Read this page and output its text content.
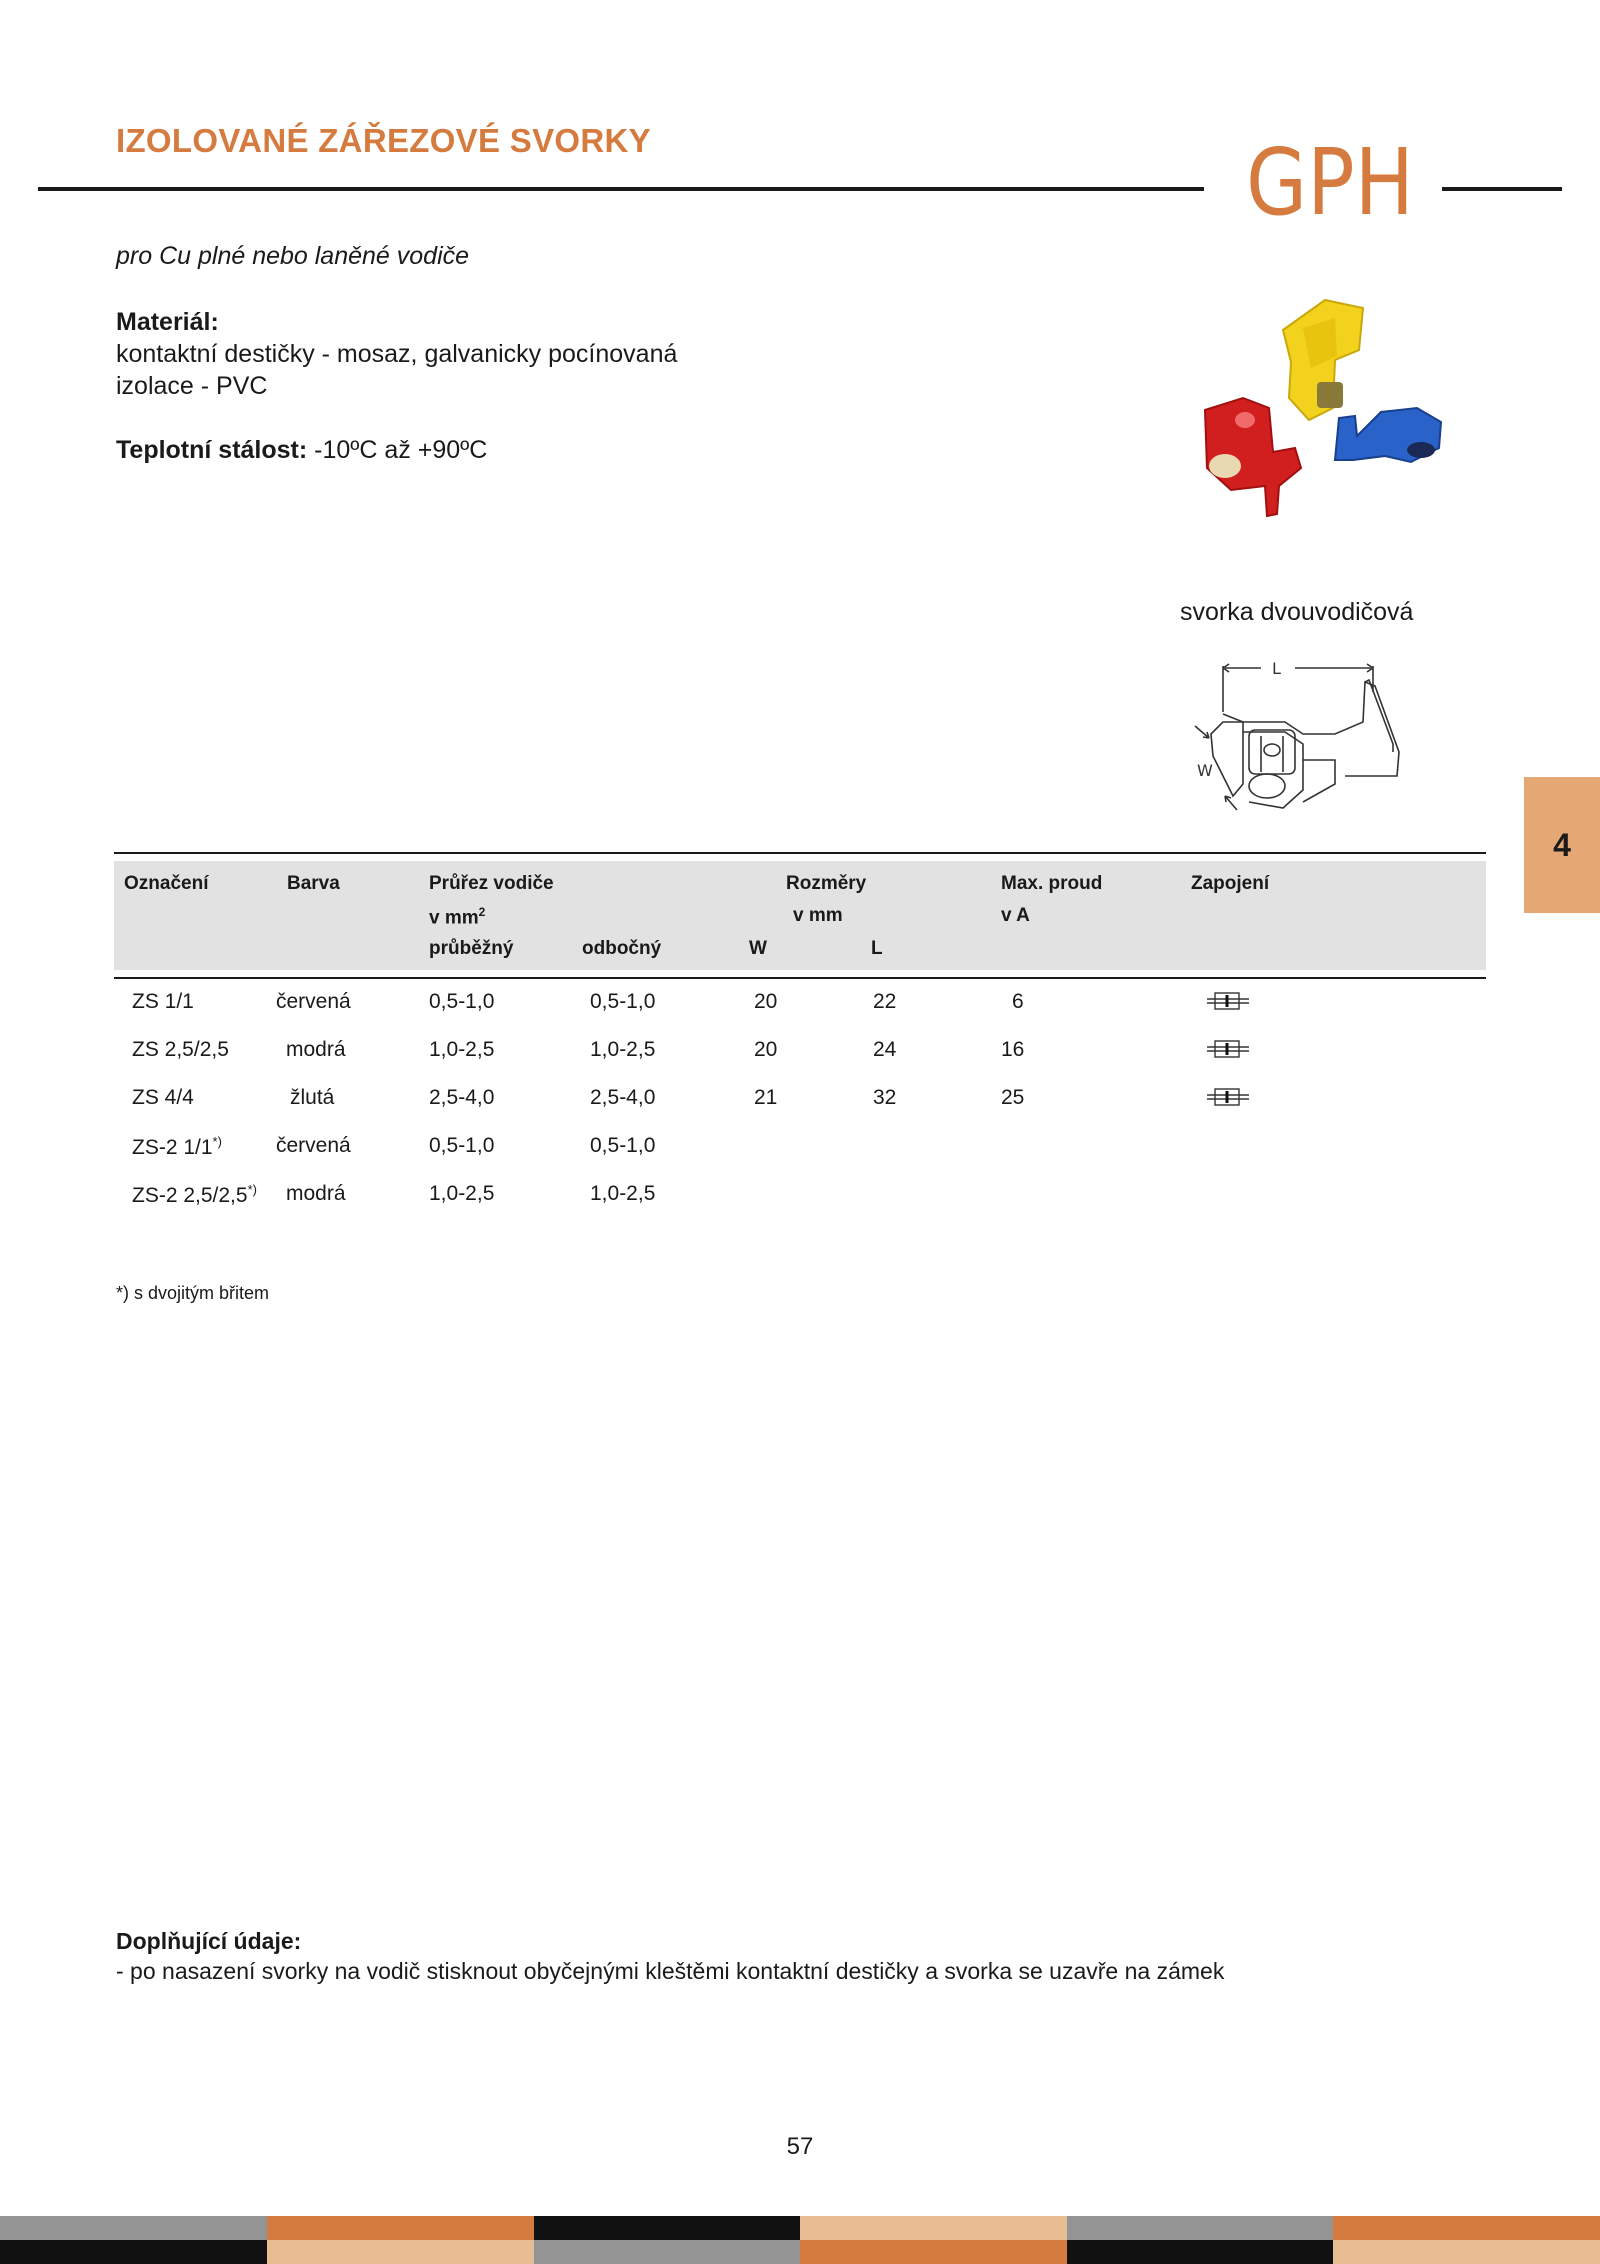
IZOLOVANÉ ZÁŘEZOVÉ SVORKY	GPH
pro Cu plné nebo laněné vodiče
Materiál:
kontaktní destičky - mosaz, galvanicky pocínovaná
izolace - PVC
Teplotní stálost: -10ºC až +90ºC
svorka dvouvodičová
L
W
4
Označení	Barva	Průřez vodiče
v $mm^2$
průběžný	odbočný
Rozměry
v mm
W	L
Max. proud
v A
Zapojení
ZS 1/1	červená	0,5-1,0	0,5-1,0	20	22	6
ZS 2,5/2,5	modrá	1,0-2,5	1,0-2,5	20	24	16
ZS 4/4	žlutá	2,5-4,0	2,5-4,0	21	32	25
ZS-2 1/1*)	červená	0,5-1,0	0,5-1,0
ZS-2 2,5/2,5*) modrá	1,0-2,5	1,0-2,5
*) s dvojitým břitem
Doplňující údaje:
- po nasazení svorky na vodič stisknout obyčejnými kleštěmi kontaktní destičky a svorka se uzavře na zámek
57
